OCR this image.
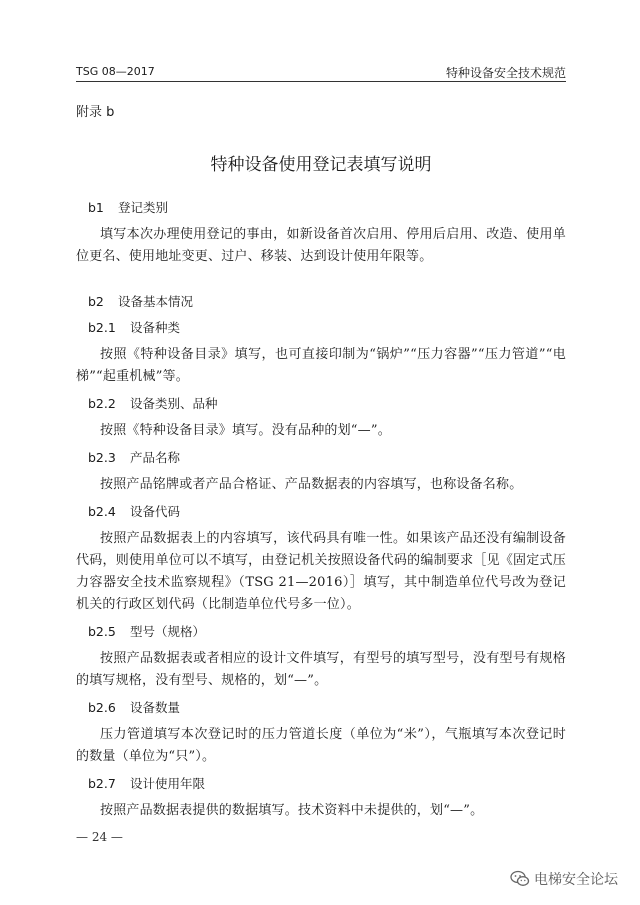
TSG 08—2017	特种设备安全技术规范
附录 b
特种设备使用登记表填写说明
b1 登记类别

填写本次办理使用登记的事由，如新设备首次启用、停用后启用、改造、使用单位更名、使用地址变更、过户、移装、达到设计使用年限等。

b2 设备基本情况
b2.1 设备种类

按照《特种设备目录》填写，也可直接印制为“锅炉”“压力容器”“压力管道”“电梯”“起重机械”等。

b2.2 设备类别、品种

按照《特种设备目录》填写。没有品种的划“—”。

b2.3 产品名称

按照产品铭牌或者产品合格证、产品数据表的内容填写，也称设备名称。

b2.4 设备代码

按照产品数据表上的内容填写，该代码具有唯一性。如果该产品还没有编制设备代码，则使用单位可以不填写，由登记机关按照设备代码的编制要求［见《固定式压力容器安全技术监察规程》（TSG 21—2016）］填写，其中制造单位代号改为登记机关的行政区划代码（比制造单位代号多一位）。

b2.5 型号（规格）

按照产品数据表或者相应的设计文件填写，有型号的填写型号，没有型号有规格的填写规格，没有型号、规格的，划“—”。

b2.6 设备数量

压力管道填写本次登记时的压力管道长度（单位为“米”），气瓶填写本次登记时的数量（单位为“只”）。

b2.7 设计使用年限

按照产品数据表提供的数据填写。技术资料中未提供的，划“—”。

— 24 —
电梯安全论坛
